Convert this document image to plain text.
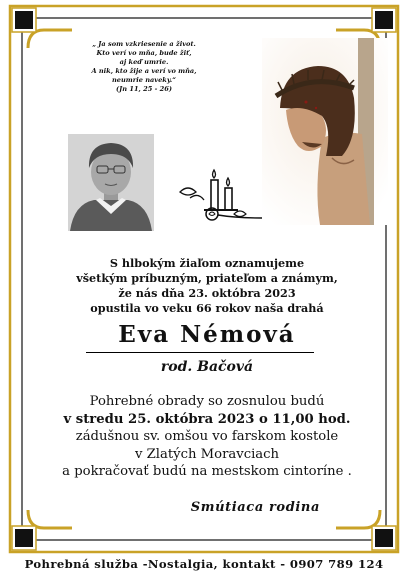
„ Ja som vzkriesenie a život.
Kto verí vo mňa, bude žiť,
aj keď umrie.
A nik, kto žije a verí vo mňa,
neumrie naveky.“
(Jn 11, 25 - 26)
S hlbokým žiaľom oznamujeme
všetkým príbuzným, priateľom a známym,
že nás dňa 23. októbra 2023
opustila vo veku 66 rokov naša drahá
Eva Némová
rod. Bačová
Pohrebné obrady so zosnulou budú
v stredu 25. októbra 2023 o 11,00 hod.
zádušnou sv. omšou vo farskom kostole
v Zlatých Moravciach
a pokračovať budú na mestskom cintoríne .
Smútiaca rodina
Pohrebná služba -Nostalgia, kontakt - 0907 789 124
